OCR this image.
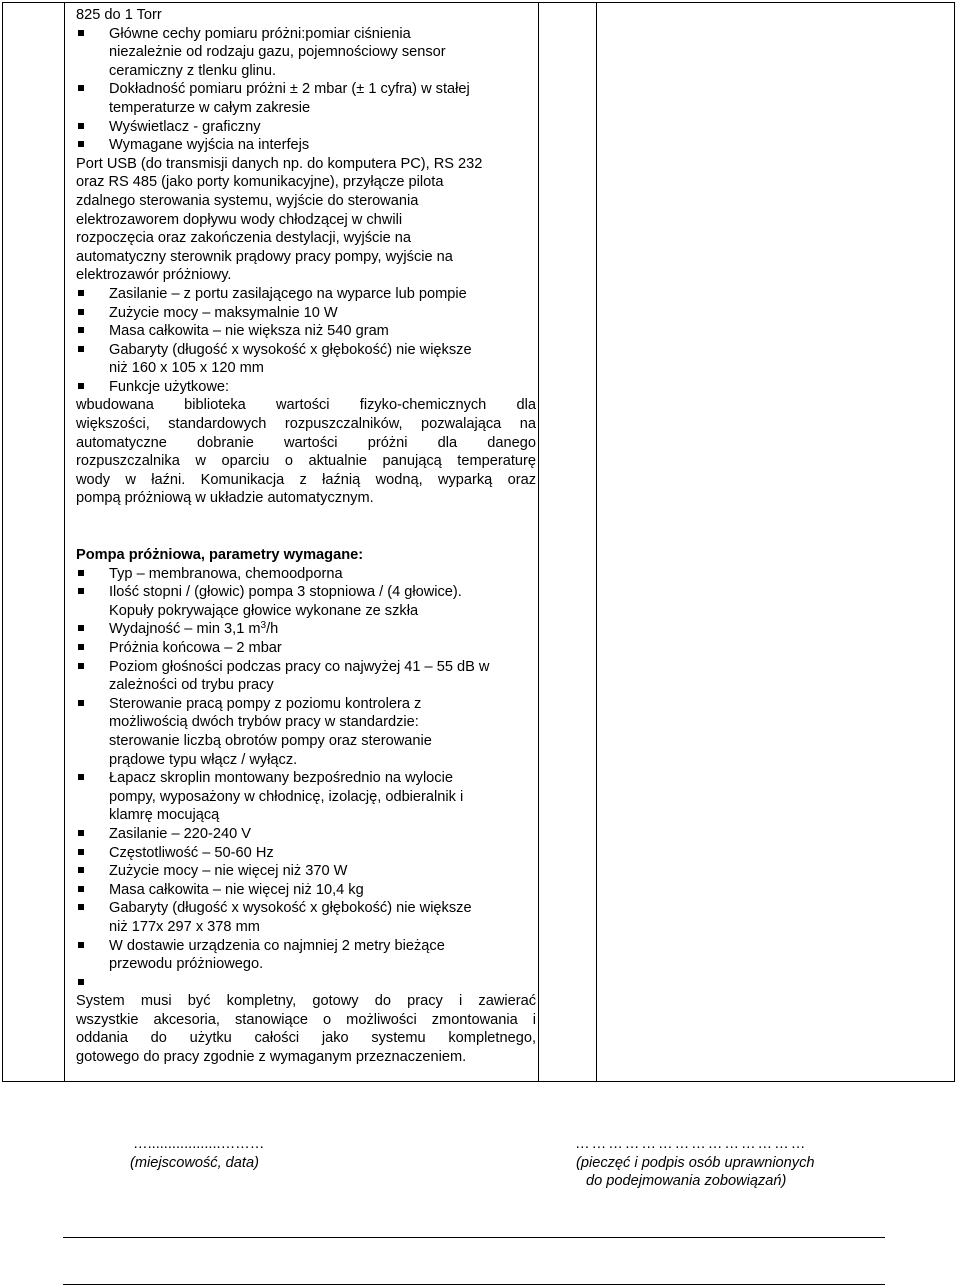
825 do 1 Torr
Główne cechy pomiaru próżni:pomiar ciśnienia
niezależnie od rodzaju gazu, pojemnościowy sensor
ceramiczny z tlenku glinu.
Dokładność pomiaru próżni ± 2 mbar (± 1 cyfra) w stałej
temperaturze w całym zakresie
Wyświetlacz - graficzny
Wymagane wyjścia na interfejs
Port USB (do transmisji danych np. do komputera PC), RS 232
oraz RS 485 (jako porty komunikacyjne), przyłącze pilota
zdalnego sterowania systemu, wyjście do sterowania
elektrozaworem dopływu wody chłodzącej w chwili
rozpoczęcia oraz zakończenia destylacji, wyjście na
automatyczny sterownik prądowy pracy pompy, wyjście na
elektrozawór próżniowy.
Zasilanie – z portu zasilającego na wyparce lub pompie
Zużycie mocy – maksymalnie 10 W
Masa całkowita – nie większa niż 540 gram
Gabaryty (długość x wysokość x głębokość) nie większe
niż 160 x 105 x 120 mm
Funkcje użytkowe:
wbudowana biblioteka wartości fizyko-chemicznych dla
większości, standardowych rozpuszczalników, pozwalająca na
automatyczne dobranie wartości próżni dla danego
rozpuszczalnika w oparciu o aktualnie panującą temperaturę
wody w łaźni. Komunikacja z łaźnią wodną, wyparką oraz
pompą próżniową w układzie automatycznym.
Pompa próżniowa, parametry wymagane:
Typ – membranowa, chemoodporna
Ilość stopni / (głowic) pompa 3 stopniowa / (4 głowice).
Kopuły pokrywające głowice wykonane ze szkła
Wydajność – min 3,1 $m^3/h$
Próżnia końcowa – 2 mbar
Poziom głośności podczas pracy co najwyżej 41 – 55 dB w
zależności od trybu pracy
Sterowanie pracą pompy z poziomu kontrolera z
możliwością dwóch trybów pracy w standardzie:
sterowanie liczbą obrotów pompy oraz sterowanie
prądowe typu włącz / wyłącz.
Łapacz skroplin montowany bezpośrednio na wylocie
pompy, wyposażony w chłodnicę, izolację, odbieralnik i
klamrę mocującą
Zasilanie – 220-240 V
Częstotliwość – 50-60 Hz
Zużycie mocy – nie więcej niż 370 W
Masa całkowita – nie więcej niż 10,4 kg
Gabaryty (długość x wysokość x głębokość) nie większe
niż 177x 297 x 378 mm
W dostawie urządzenia co najmniej 2 metry bieżące
przewodu próżniowego.
System musi być kompletny, gotowy do pracy i zawierać
wszystkie akcesoria, stanowiące o możliwości zmontowania i
oddania do użytku całości jako systemu kompletnego,
gotowego do pracy zgodnie z wymaganym przeznaczeniem.
…..................………
(miejscowość, data)
……………………………………
(pieczęć i podpis osób uprawnionych
do podejmowania zobowiązań)
